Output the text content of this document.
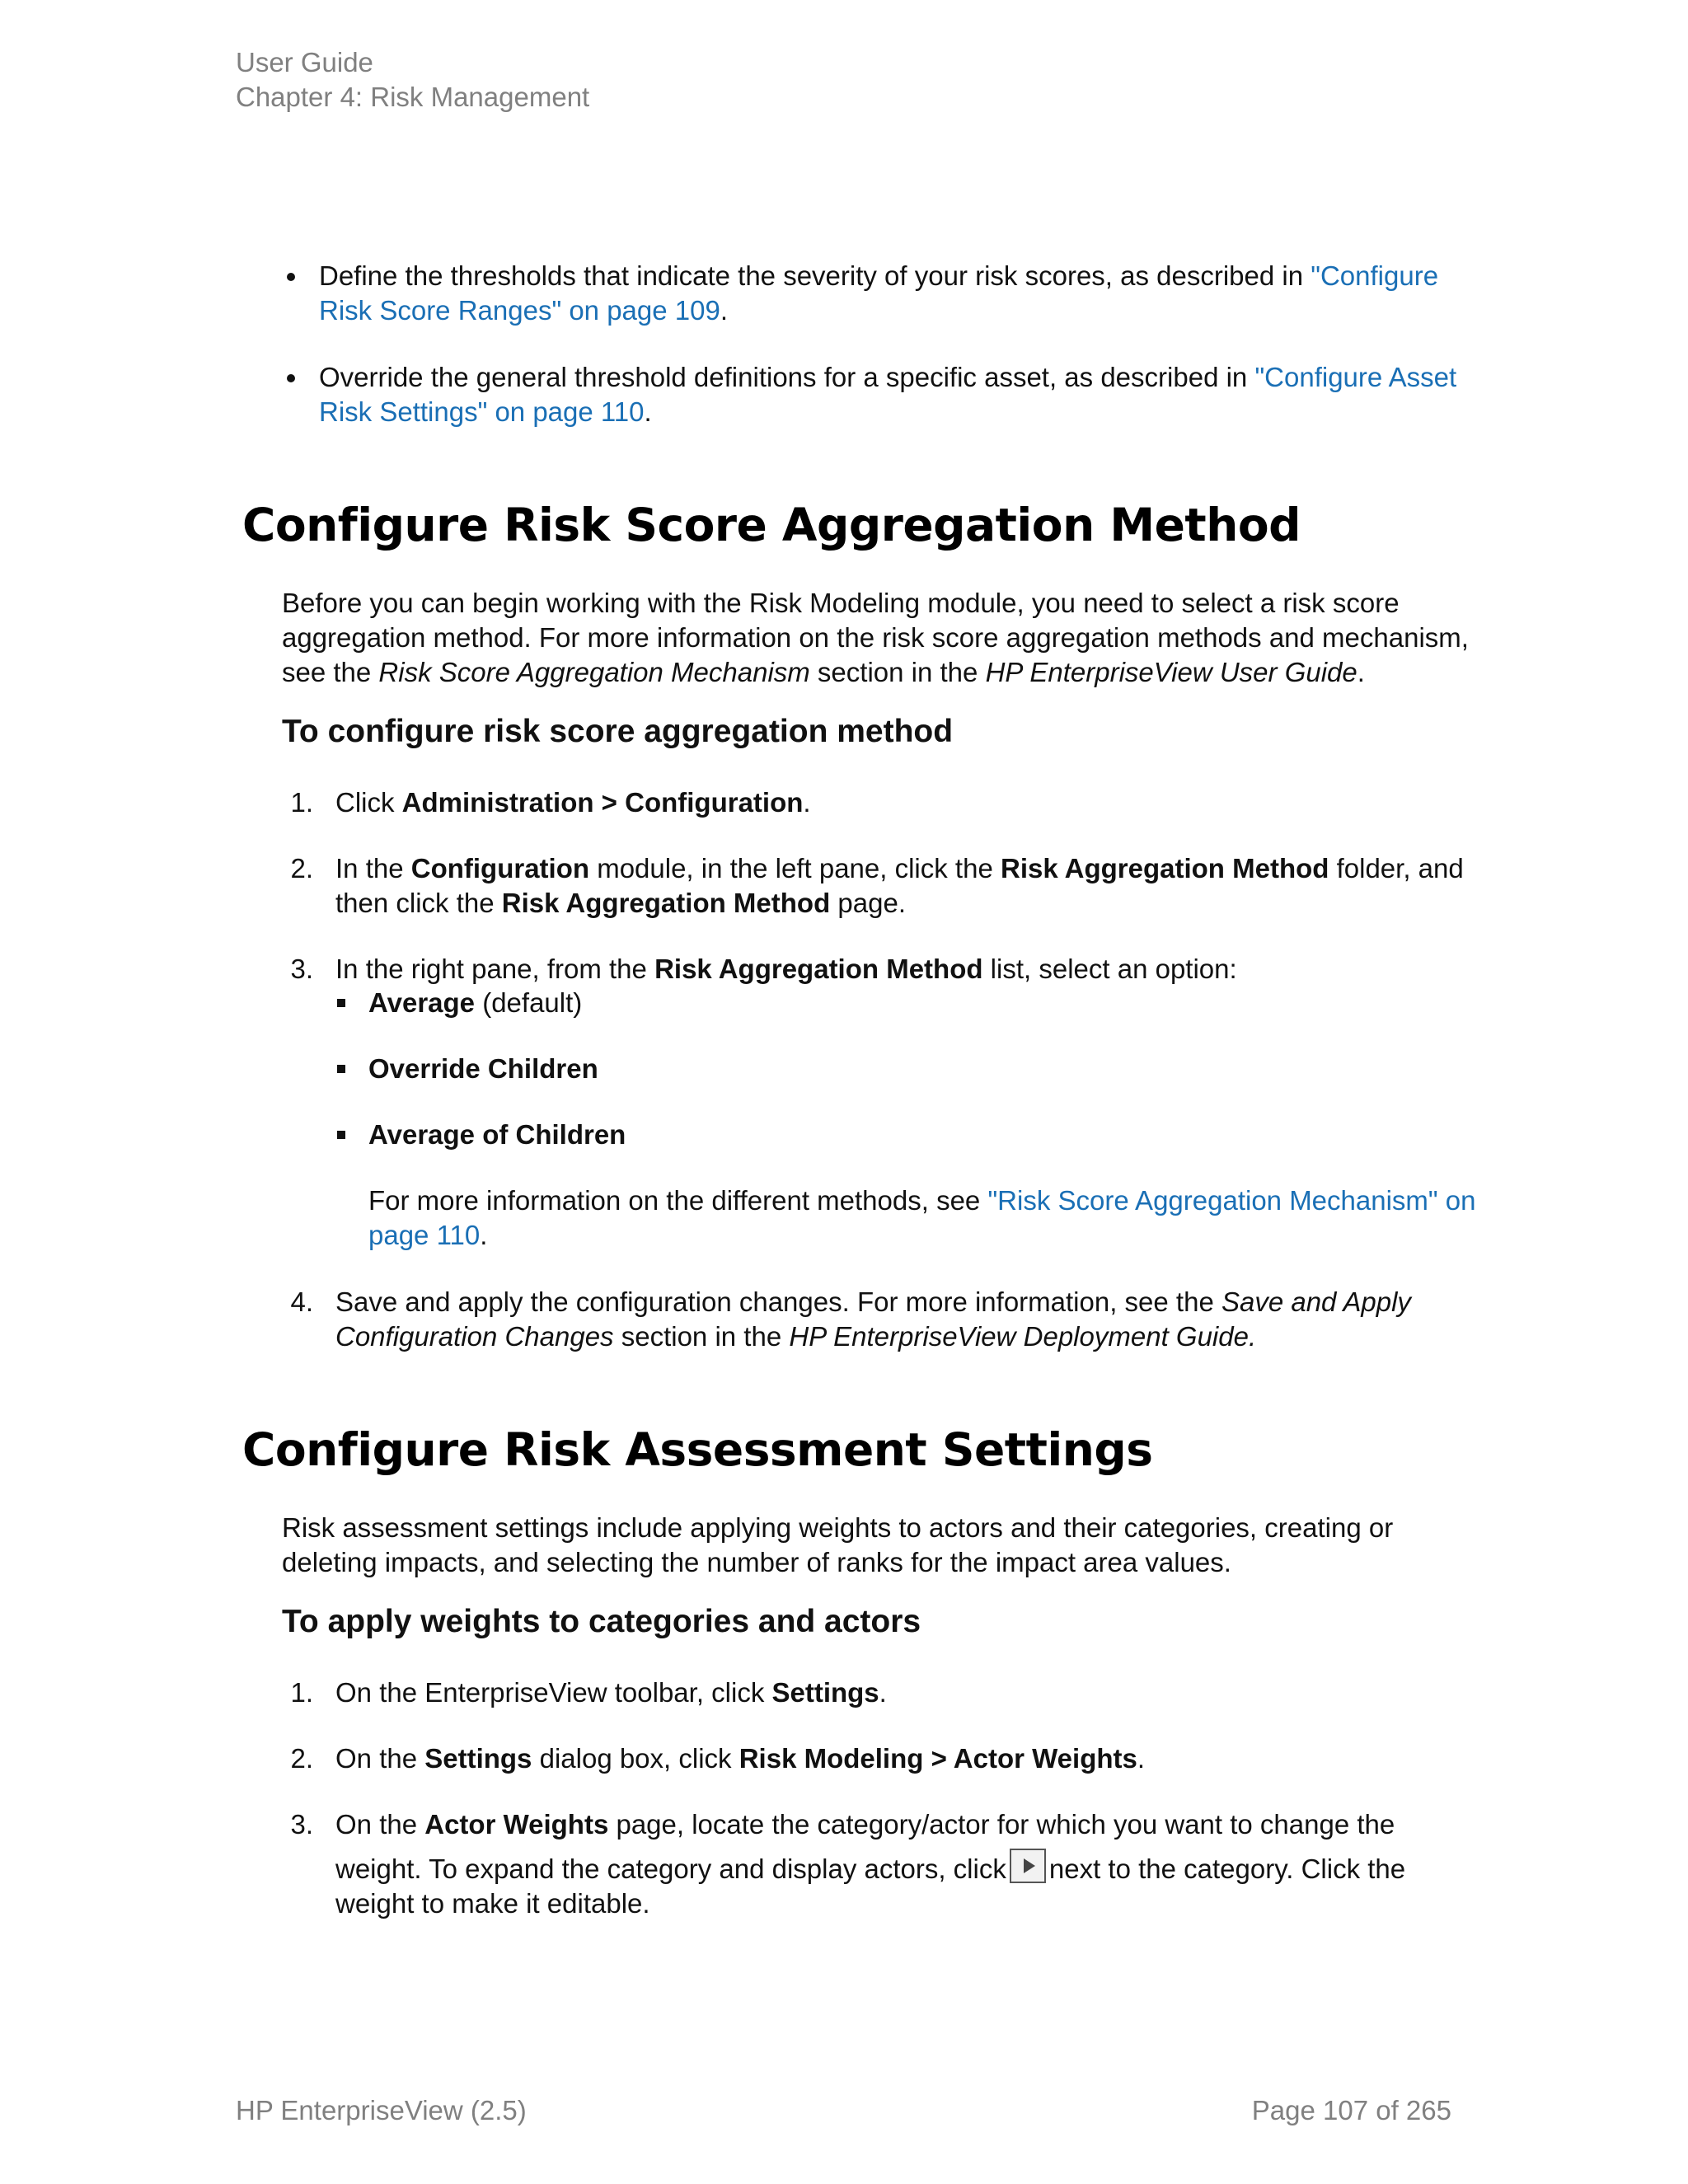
User Guide
Chapter 4: Risk Management
Define the thresholds that indicate the severity of your risk scores, as described in "Configure
Risk Score Ranges" on page 109.
Override the general threshold definitions for a specific asset, as described in "Configure Asset
Risk Settings" on page 110.
Configure Risk Score Aggregation Method
Before you can begin working with the Risk Modeling module, you need to select a risk score
aggregation method. For more information on the risk score aggregation methods and mechanism,
see the Risk Score Aggregation Mechanism section in the HP EnterpriseView User Guide.
To configure risk score aggregation method
1. Click Administration > Configuration.
2. In the Configuration module, in the left pane, click the Risk Aggregation Method folder, and
then click the Risk Aggregation Method page.
3. In the right pane, from the Risk Aggregation Method list, select an option:
Average (default)
Override Children
Average of Children
For more information on the different methods, see "Risk Score Aggregation Mechanism" on
page 110.
4. Save and apply the configuration changes. For more information, see the Save and Apply
Configuration Changes section in the HP EnterpriseView Deployment Guide.
Configure Risk Assessment Settings
Risk assessment settings include applying weights to actors and their categories, creating or
deleting impacts, and selecting the number of ranks for the impact area values.
To apply weights to categories and actors
1. On the EnterpriseView toolbar, click Settings.
2. On the Settings dialog box, click Risk Modeling > Actor Weights.
3. On the Actor Weights page, locate the category/actor for which you want to change the

weight. To expand the category and display actors, click next to the category. Click the
weight to make it editable.
HP EnterpriseView (2.5)	Page 107 of 265
